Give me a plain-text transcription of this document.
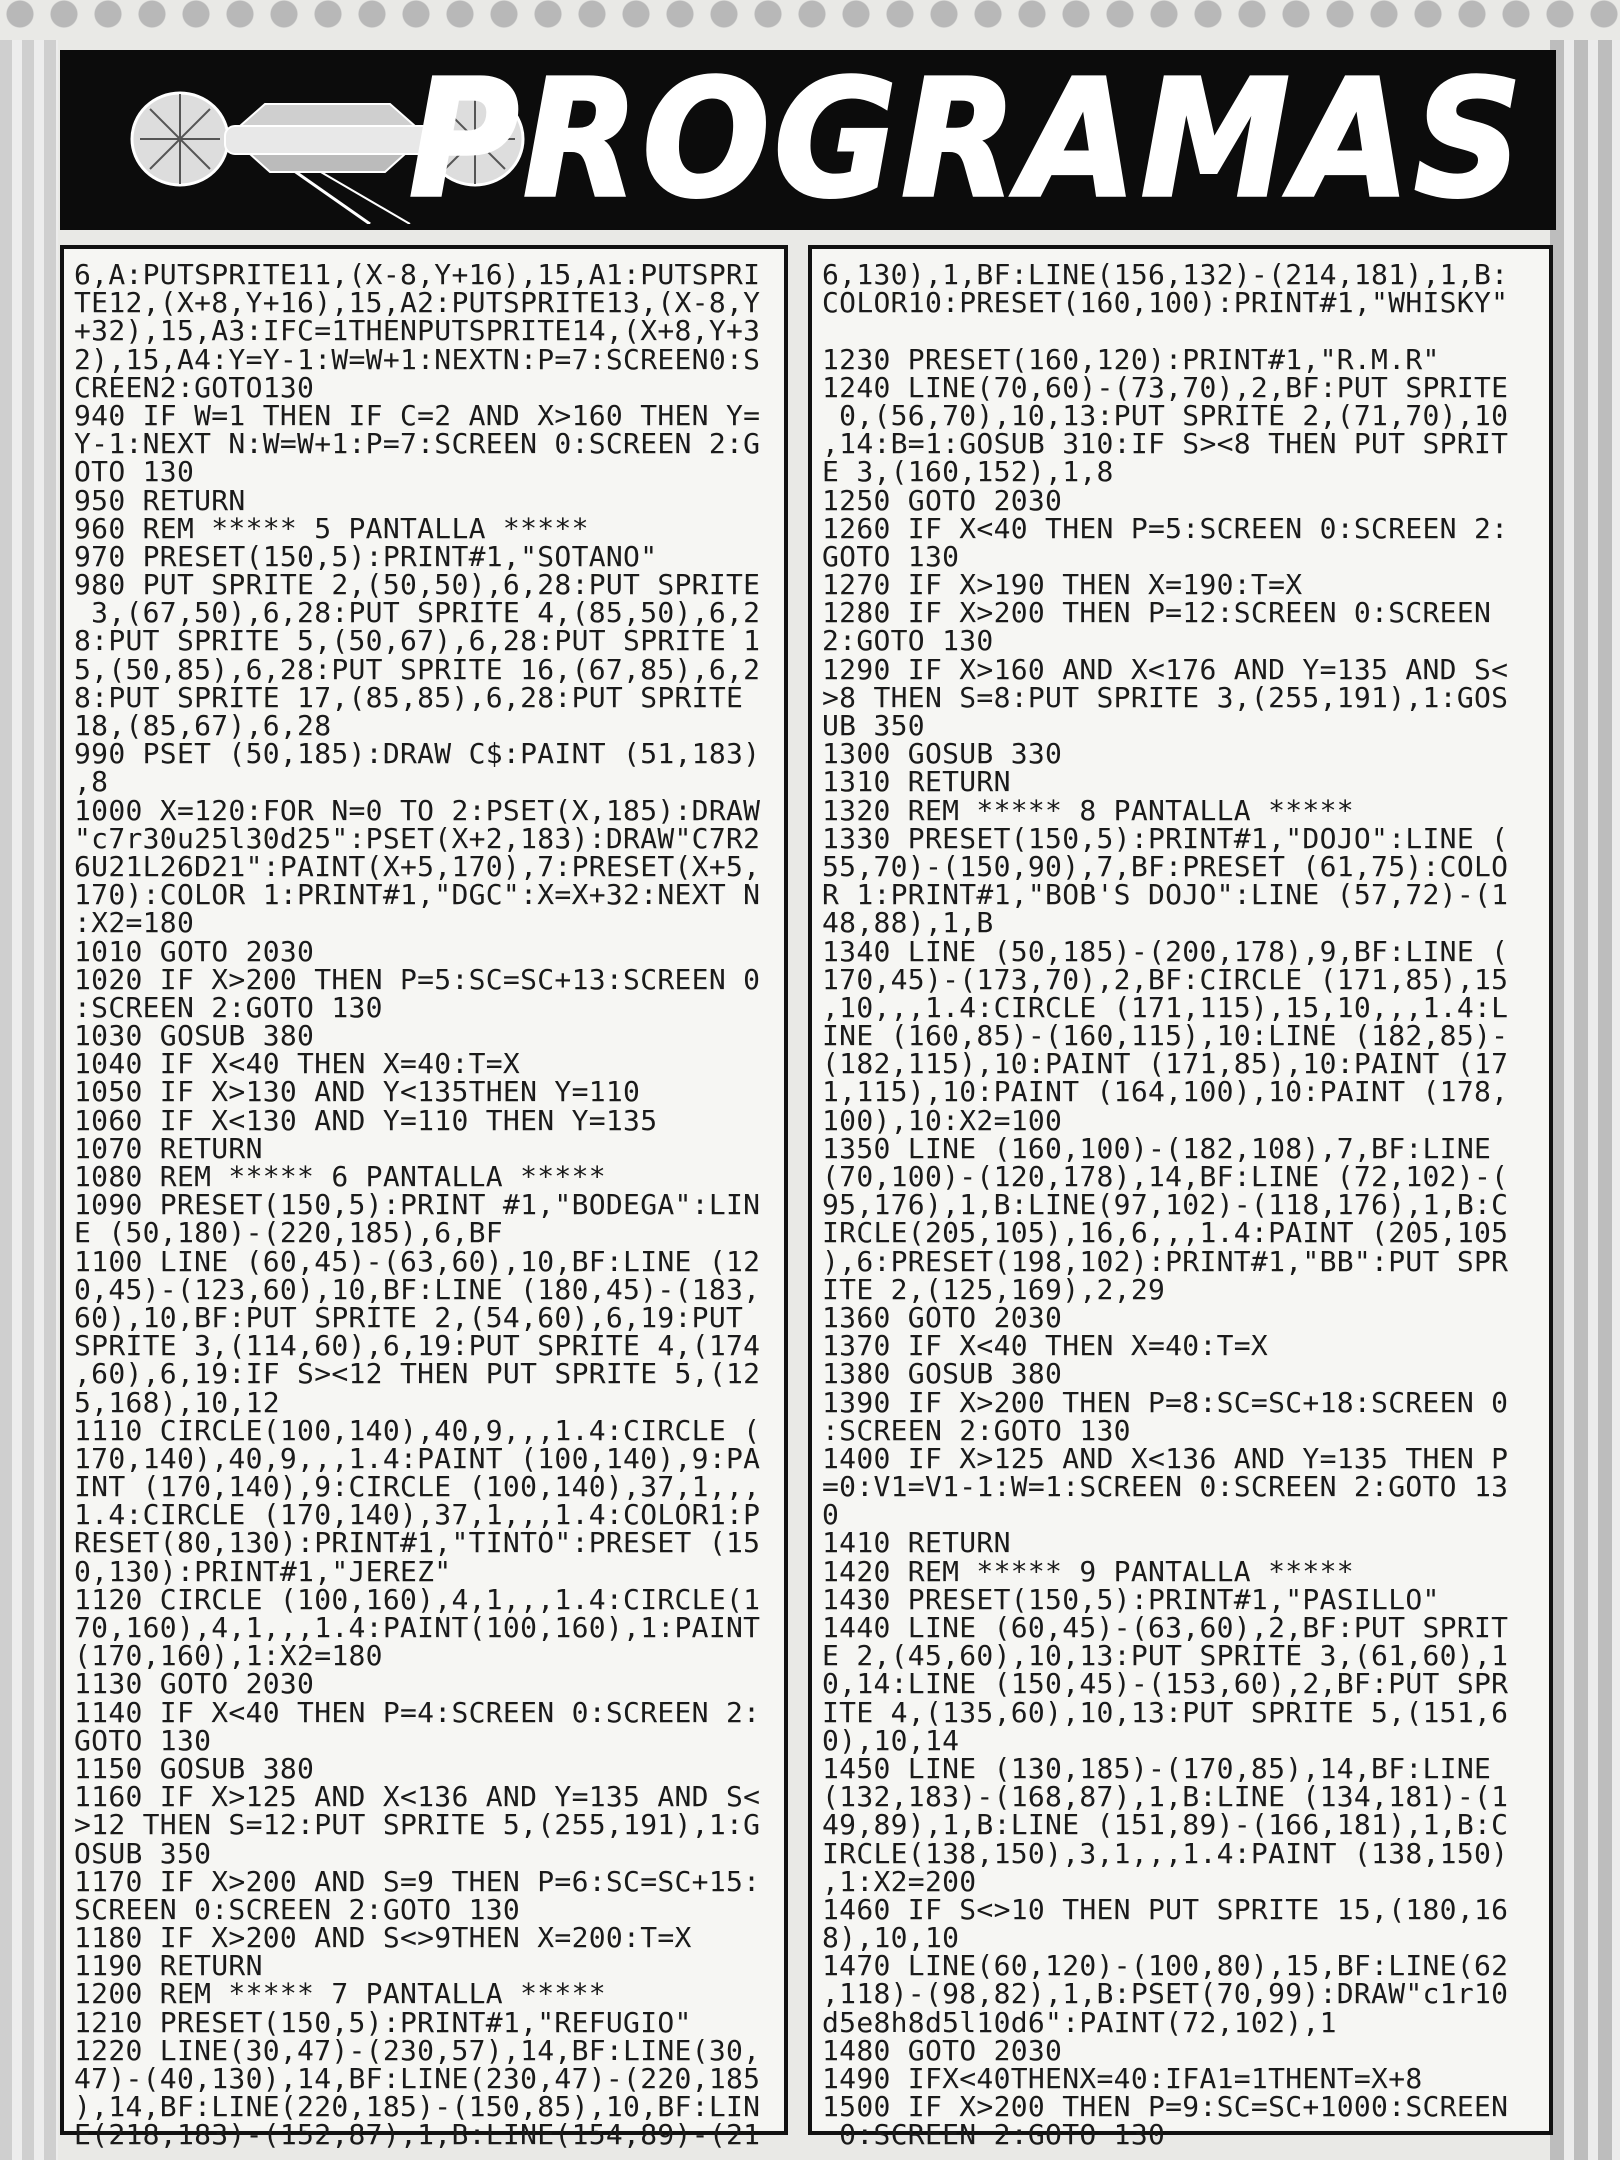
PROGRAMAS
6,A:PUTSPRITE11,(X-8,Y+16),15,A1:PUTSPRI
TE12,(X+8,Y+16),15,A2:PUTSPRITE13,(X-8,Y
+32),15,A3:IFC=1THENPUTSPRITE14,(X+8,Y+3
2),15,A4:Y=Y-1:W=W+1:NEXTN:P=7:SCREEN0:S
CREEN2:GOTO130
940 IF W=1 THEN IF C=2 AND X>160 THEN Y=
Y-1:NEXT N:W=W+1:P=7:SCREEN 0:SCREEN 2:G
OTO 130
950 RETURN
960 REM ***** 5 PANTALLA *****
970 PRESET(150,5):PRINT#1,"SOTANO"
980 PUT SPRITE 2,(50,50),6,28:PUT SPRITE
3,(67,50),6,28:PUT SPRITE 4,(85,50),6,2
8:PUT SPRITE 5,(50,67),6,28:PUT SPRITE 1
5,(50,85),6,28:PUT SPRITE 16,(67,85),6,2
8:PUT SPRITE 17,(85,85),6,28:PUT SPRITE
18,(85,67),6,28
990 PSET (50,185):DRAW C$:PAINT (51,183)
,8
1000 X=120:FOR N=0 TO 2:PSET(X,185):DRAW
"c7r30u25l30d25":PSET(X+2,183):DRAW"C7R2
6U21L26D21":PAINT(X+5,170),7:PRESET(X+5,
170):COLOR 1:PRINT#1,"DGC":X=X+32:NEXT N
:X2=180
1010 GOTO 2030
1020 IF X>200 THEN P=5:SC=SC+13:SCREEN 0
:SCREEN 2:GOTO 130
1030 GOSUB 380
1040 IF X<40 THEN X=40:T=X
1050 IF X>130 AND Y<135THEN Y=110
1060 IF X<130 AND Y=110 THEN Y=135
1070 RETURN
1080 REM ***** 6 PANTALLA *****
1090 PRESET(150,5):PRINT #1,"BODEGA":LIN
E (50,180)-(220,185),6,BF
1100 LINE (60,45)-(63,60),10,BF:LINE (12
0,45)-(123,60),10,BF:LINE (180,45)-(183,
60),10,BF:PUT SPRITE 2,(54,60),6,19:PUT
SPRITE 3,(114,60),6,19:PUT SPRITE 4,(174
,60),6,19:IF S><12 THEN PUT SPRITE 5,(12
5,168),10,12
1110 CIRCLE(100,140),40,9,,,1.4:CIRCLE (
170,140),40,9,,,1.4:PAINT (100,140),9:PA
INT (170,140),9:CIRCLE (100,140),37,1,,,
1.4:CIRCLE (170,140),37,1,,,1.4:COLOR1:P
RESET(80,130):PRINT#1,"TINTO":PRESET (15
0,130):PRINT#1,"JEREZ"
1120 CIRCLE (100,160),4,1,,,1.4:CIRCLE(1
70,160),4,1,,,1.4:PAINT(100,160),1:PAINT
(170,160),1:X2=180
1130 GOTO 2030
1140 IF X<40 THEN P=4:SCREEN 0:SCREEN 2:
GOTO 130
1150 GOSUB 380
1160 IF X>125 AND X<136 AND Y=135 AND S<
>12 THEN S=12:PUT SPRITE 5,(255,191),1:G
OSUB 350
1170 IF X>200 AND S=9 THEN P=6:SC=SC+15:
SCREEN 0:SCREEN 2:GOTO 130
1180 IF X>200 AND S<>9THEN X=200:T=X
1190 RETURN
1200 REM ***** 7 PANTALLA *****
1210 PRESET(150,5):PRINT#1,"REFUGIO"
1220 LINE(30,47)-(230,57),14,BF:LINE(30,
47)-(40,130),14,BF:LINE(230,47)-(220,185
),14,BF:LINE(220,185)-(150,85),10,BF:LIN
E(218,183)-(152,87),1,B:LINE(154,89)-(21
6,130),1,BF:LINE(156,132)-(214,181),1,B:
COLOR10:PRESET(160,100):PRINT#1,"WHISKY"
1230 PRESET(160,120):PRINT#1,"R.M.R"
1240 LINE(70,60)-(73,70),2,BF:PUT SPRITE
0,(56,70),10,13:PUT SPRITE 2,(71,70),10
,14:B=1:GOSUB 310:IF S><8 THEN PUT SPRIT
E 3,(160,152),1,8
1250 GOTO 2030
1260 IF X<40 THEN P=5:SCREEN 0:SCREEN 2:
GOTO 130
1270 IF X>190 THEN X=190:T=X
1280 IF X>200 THEN P=12:SCREEN 0:SCREEN
2:GOTO 130
1290 IF X>160 AND X<176 AND Y=135 AND S<
>8 THEN S=8:PUT SPRITE 3,(255,191),1:GOS
UB 350
1300 GOSUB 330
1310 RETURN
1320 REM ***** 8 PANTALLA *****
1330 PRESET(150,5):PRINT#1,"DOJO":LINE (
55,70)-(150,90),7,BF:PRESET (61,75):COLO
R 1:PRINT#1,"BOB'S DOJO":LINE (57,72)-(1
48,88),1,B
1340 LINE (50,185)-(200,178),9,BF:LINE (
170,45)-(173,70),2,BF:CIRCLE (171,85),15
,10,,,1.4:CIRCLE (171,115),15,10,,,1.4:L
INE (160,85)-(160,115),10:LINE (182,85)-
(182,115),10:PAINT (171,85),10:PAINT (17
1,115),10:PAINT (164,100),10:PAINT (178,
100),10:X2=100
1350 LINE (160,100)-(182,108),7,BF:LINE
(70,100)-(120,178),14,BF:LINE (72,102)-(
95,176),1,B:LINE(97,102)-(118,176),1,B:C
IRCLE(205,105),16,6,,,1.4:PAINT (205,105
),6:PRESET(198,102):PRINT#1,"BB":PUT SPR
ITE 2,(125,169),2,29
1360 GOTO 2030
1370 IF X<40 THEN X=40:T=X
1380 GOSUB 380
1390 IF X>200 THEN P=8:SC=SC+18:SCREEN 0
:SCREEN 2:GOTO 130
1400 IF X>125 AND X<136 AND Y=135 THEN P
=0:V1=V1-1:W=1:SCREEN 0:SCREEN 2:GOTO 13
0
1410 RETURN
1420 REM ***** 9 PANTALLA *****
1430 PRESET(150,5):PRINT#1,"PASILLO"
1440 LINE (60,45)-(63,60),2,BF:PUT SPRIT
E 2,(45,60),10,13:PUT SPRITE 3,(61,60),1
0,14:LINE (150,45)-(153,60),2,BF:PUT SPR
ITE 4,(135,60),10,13:PUT SPRITE 5,(151,6
0),10,14
1450 LINE (130,185)-(170,85),14,BF:LINE
(132,183)-(168,87),1,B:LINE (134,181)-(1
49,89),1,B:LINE (151,89)-(166,181),1,B:C
IRCLE(138,150),3,1,,,1.4:PAINT (138,150)
,1:X2=200
1460 IF S<>10 THEN PUT SPRITE 15,(180,16
8),10,10
1470 LINE(60,120)-(100,80),15,BF:LINE(62
,118)-(98,82),1,B:PSET(70,99):DRAW"c1r10
d5e8h8d5l10d6":PAINT(72,102),1
1480 GOTO 2030
1490 IFX<40THENX=40:IFA1=1THENT=X+8
1500 IF X>200 THEN P=9:SC=SC+1000:SCREEN
0:SCREEN 2:GOTO 130
